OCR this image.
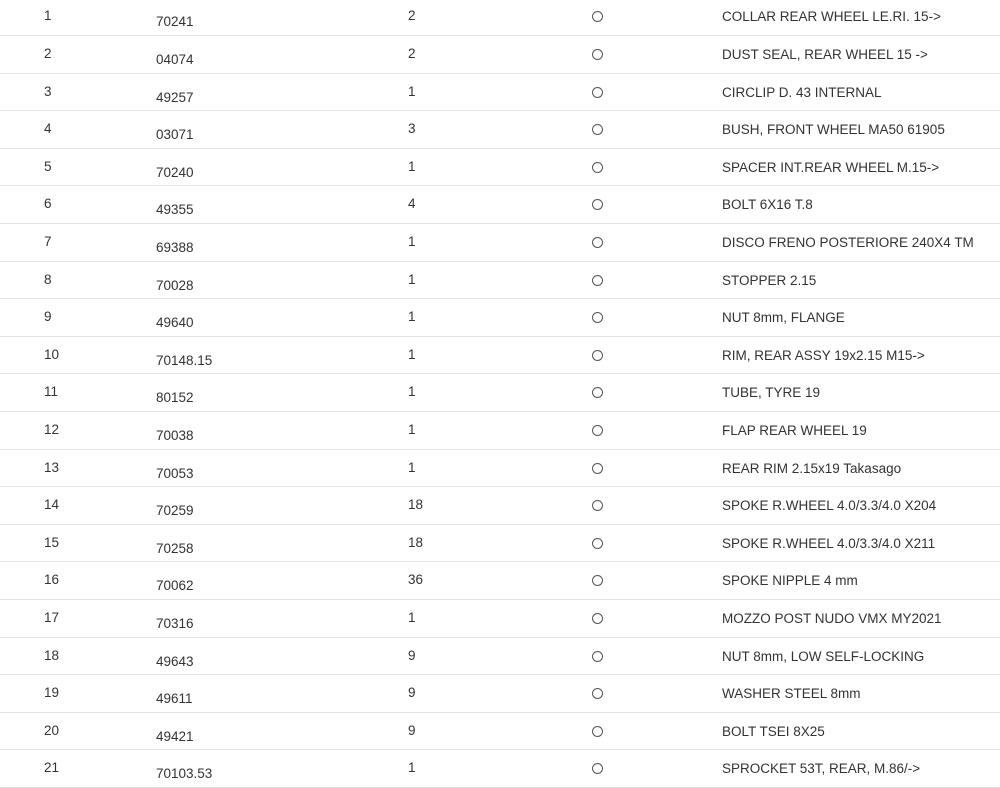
1	70241	2		COLLAR REAR WHEEL LE.RI. 15->
2	04074	2		DUST SEAL, REAR WHEEL 15 ->
3	49257	1		CIRCLIP D. 43 INTERNAL
4	03071	3		BUSH, FRONT WHEEL MA50 61905
5	70240	1		SPACER INT.REAR WHEEL M.15->
6	49355	4		BOLT 6X16 T.8
7	69388	1		DISCO FRENO POSTERIORE 240X4 TM
8	70028	1		STOPPER 2.15
9	49640	1		NUT 8mm, FLANGE
10	70148.15	1		RIM, REAR ASSY 19x2.15 M15->
11	80152	1		TUBE, TYRE 19
12	70038	1		FLAP REAR WHEEL 19
13	70053	1		REAR RIM 2.15x19 Takasago
14	70259	18		SPOKE R.WHEEL 4.0/3.3/4.0 X204
15	70258	18		SPOKE R.WHEEL 4.0/3.3/4.0 X211
16	70062	36		SPOKE NIPPLE 4 mm
17	70316	1		MOZZO POST NUDO VMX MY2021
18	49643	9		NUT 8mm, LOW SELF-LOCKING
19	49611	9		WASHER STEEL 8mm
20	49421	9		BOLT TSEI 8X25
21	70103.53	1		SPROCKET 53T, REAR, M.86/->
